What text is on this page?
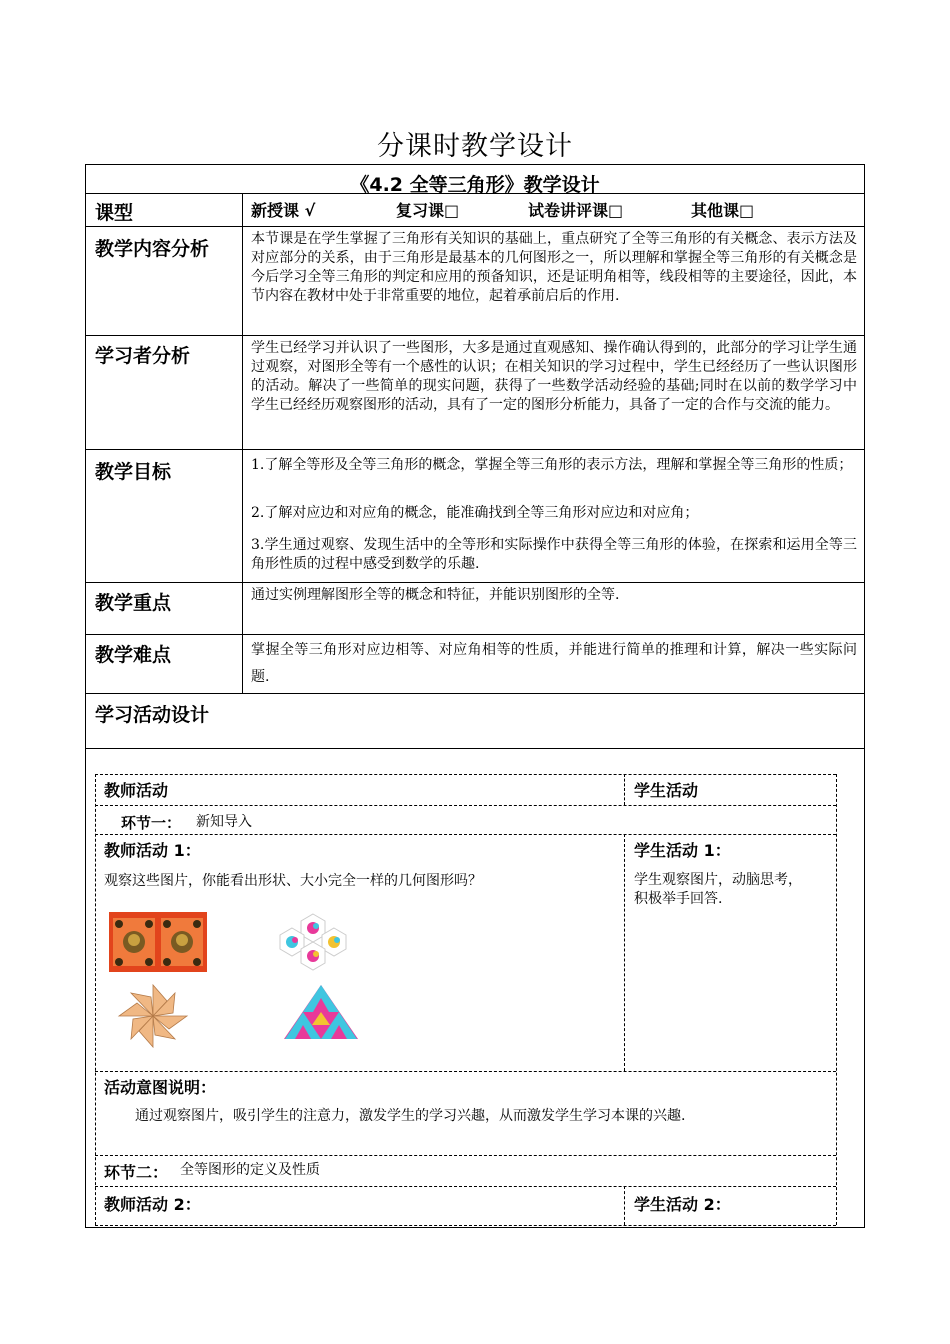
分课时教学设计
《4.2 全等三角形》教学设计
课型	新授课 √	复习课□	试卷讲评课□	其他课□
教学内容分析	本节课是在学生掌握了三角形有关知识的基础上，重点研究了全等三角形的有关概念、表示方法及对应部分的关系，由于三角形是最基本的几何图形之一，所以理解和掌握全等三角形的有关概念是今后学习全等三角形的判定和应用的预备知识，还是证明角相等，线段相等的主要途径，因此，本节内容在教材中处于非常重要的地位，起着承前启后的作用.
学习者分析	学生已经学习并认识了一些图形，大多是通过直观感知、操作确认得到的，此部分的学习让学生通过观察，对图形全等有一个感性的认识；在相关知识的学习过程中，学生已经经历了一些认识图形的活动。解决了一些简单的现实问题，获得了一些数学活动经验的基础;同时在以前的数学学习中学生已经经历观察图形的活动，具有了一定的图形分析能力，具备了一定的合作与交流的能力。
教学目标	1.了解全等形及全等三角形的概念，掌握全等三角形的表示方法，理解和掌握全等三角形的性质；
2.了解对应边和对应角的概念，能准确找到全等三角形对应边和对应角；
3.学生通过观察、发现生活中的全等形和实际操作中获得全等三角形的体验，在探索和运用全等三角形性质的过程中感受到数学的乐趣.
教学重点	通过实例理解图形全等的概念和特征，并能识别图形的全等.
教学难点	掌握全等三角形对应边相等、对应角相等的性质，并能进行简单的推理和计算，解决一些实际问题.
学习活动设计
教师活动	学生活动
环节一： 新知导入
教师活动 1：
观察这些图片，你能看出形状、大小完全一样的几何图形吗？
学生活动 1：
学生观察图片，动脑思考，积极举手回答.
活动意图说明：
通过观察图片，吸引学生的注意力，激发学生的学习兴趣，从而激发学生学习本课的兴趣.
环节二： 全等图形的定义及性质
教师活动 2：	学生活动 2：
